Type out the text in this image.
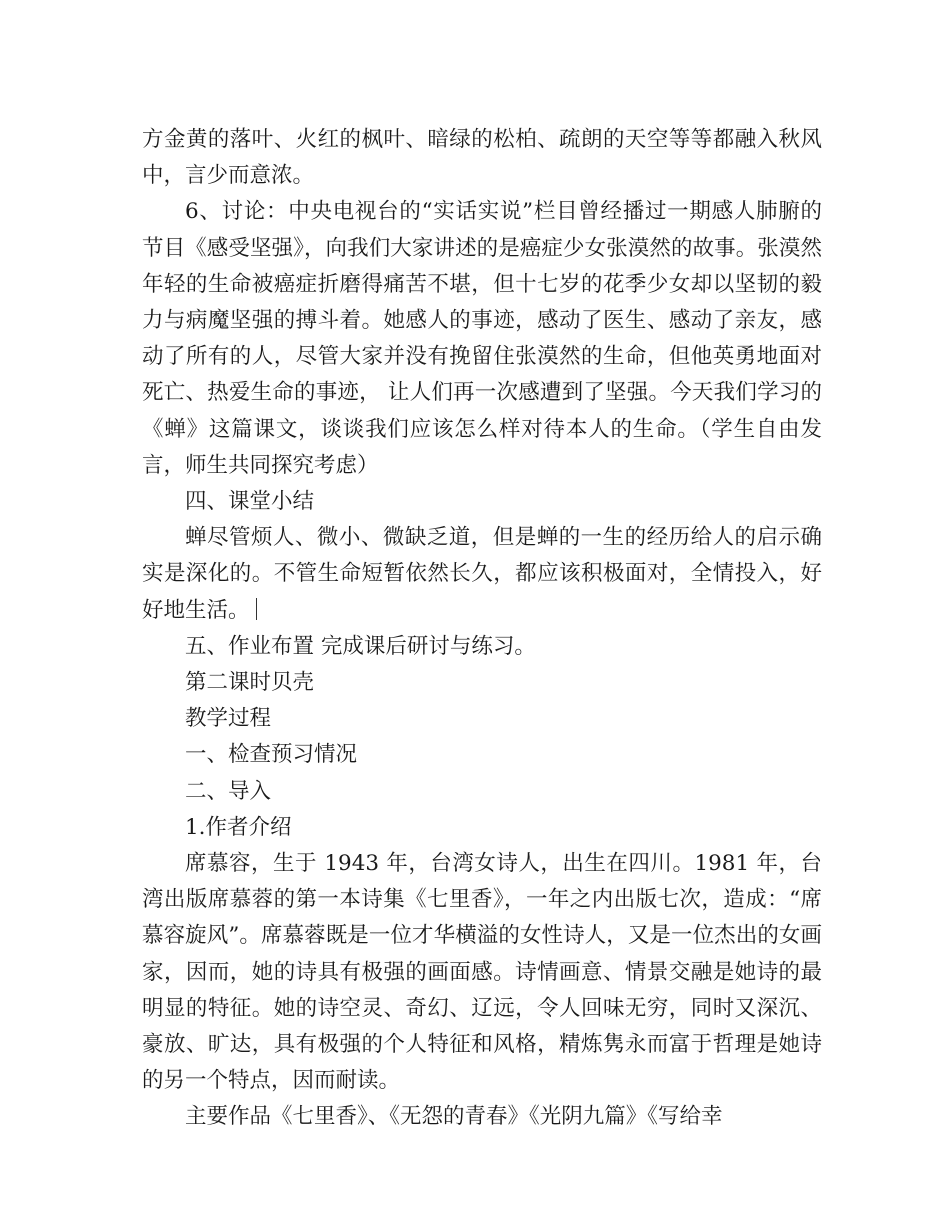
方金黄的落叶、火红的枫叶、暗绿的松柏、疏朗的天空等等都融入秋风中，言少而意浓。

6、讨论：中央电视台的“实话实说”栏目曾经播过一期感人肺腑的节目《感受坚强》，向我们大家讲述的是癌症少女张漠然的故事。张漠然年轻的生命被癌症折磨得痛苦不堪，但十七岁的花季少女却以坚韧的毅力与病魔坚强的搏斗着。她感人的事迹，感动了医生、感动了亲友，感动了所有的人，尽管大家并没有挽留住张漠然的生命，但他英勇地面对死亡、热爱生命的事迹， 让人们再一次感遭到了坚强。今天我们学习的《蝉》这篇课文，谈谈我们应该怎么样对待本人的生命。（学生自由发言，师生共同探究考虑）

四、课堂小结

蝉尽管烦人、微小、微缺乏道，但是蝉的一生的经历给人的启示确实是深化的。不管生命短暂依然长久，都应该积极面对，全情投入，好好地生活。

五、作业布置 完成课后研讨与练习。

第二课时贝壳

教学过程

一、检查预习情况

二、导入

1.作者介绍

席慕容，生于 1943 年，台湾女诗人，出生在四川。1981 年，台湾出版席慕蓉的第一本诗集《七里香》，一年之内出版七次，造成：“席慕容旋风”。席慕蓉既是一位才华横溢的女性诗人，又是一位杰出的女画家，因而，她的诗具有极强的画面感。诗情画意、情景交融是她诗的最明显的特征。她的诗空灵、奇幻、辽远，令人回味无穷，同时又深沉、豪放、旷达，具有极强的个人特征和风格，精炼隽永而富于哲理是她诗的另一个特点，因而耐读。

主要作品《七里香》、《无怨的青春》《光阴九篇》《写给幸
